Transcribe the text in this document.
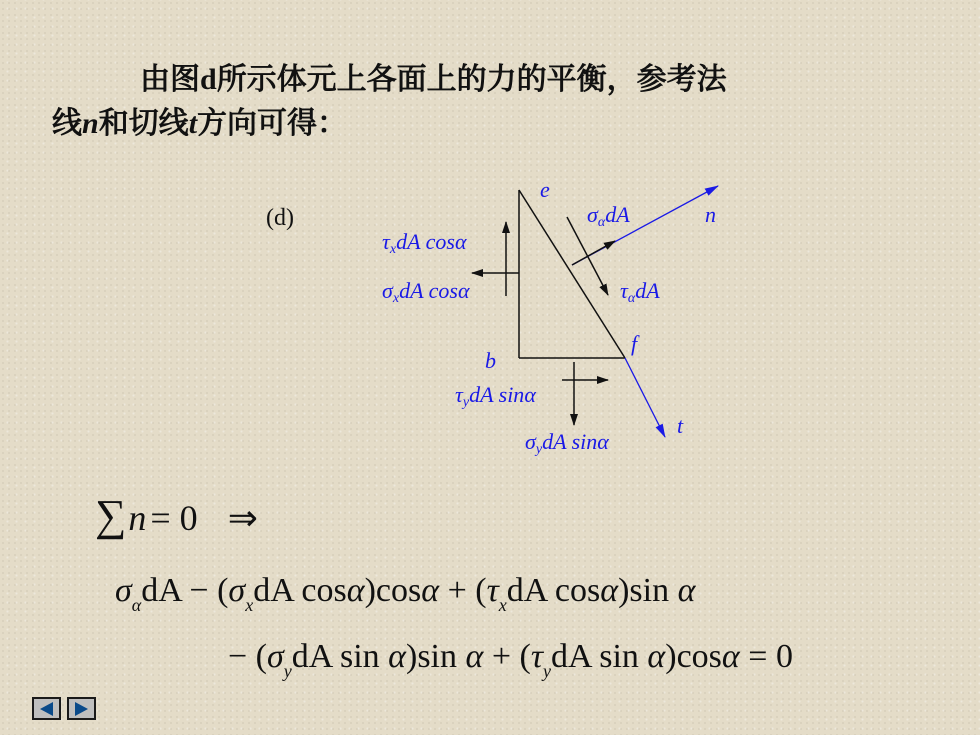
由图d所示体元上各面上的力的平衡，参考法
线n和切线t方向可得：
(d)
e
f
b
n
t
τxdA cosα
σxdA cosα
σαdA
ταdA
τydA sinα
σydA sinα
∑n = 0 ⇒
$\sigma_\alpha dA - (\sigma_xdA$ $\cos\alpha)\cos\alpha + (\tau_xdA$ cosα)sin α
− ($\sigma_ydA$ sin α)sin $\alpha + (\tau_ydA$ sin α)cosα = 0
